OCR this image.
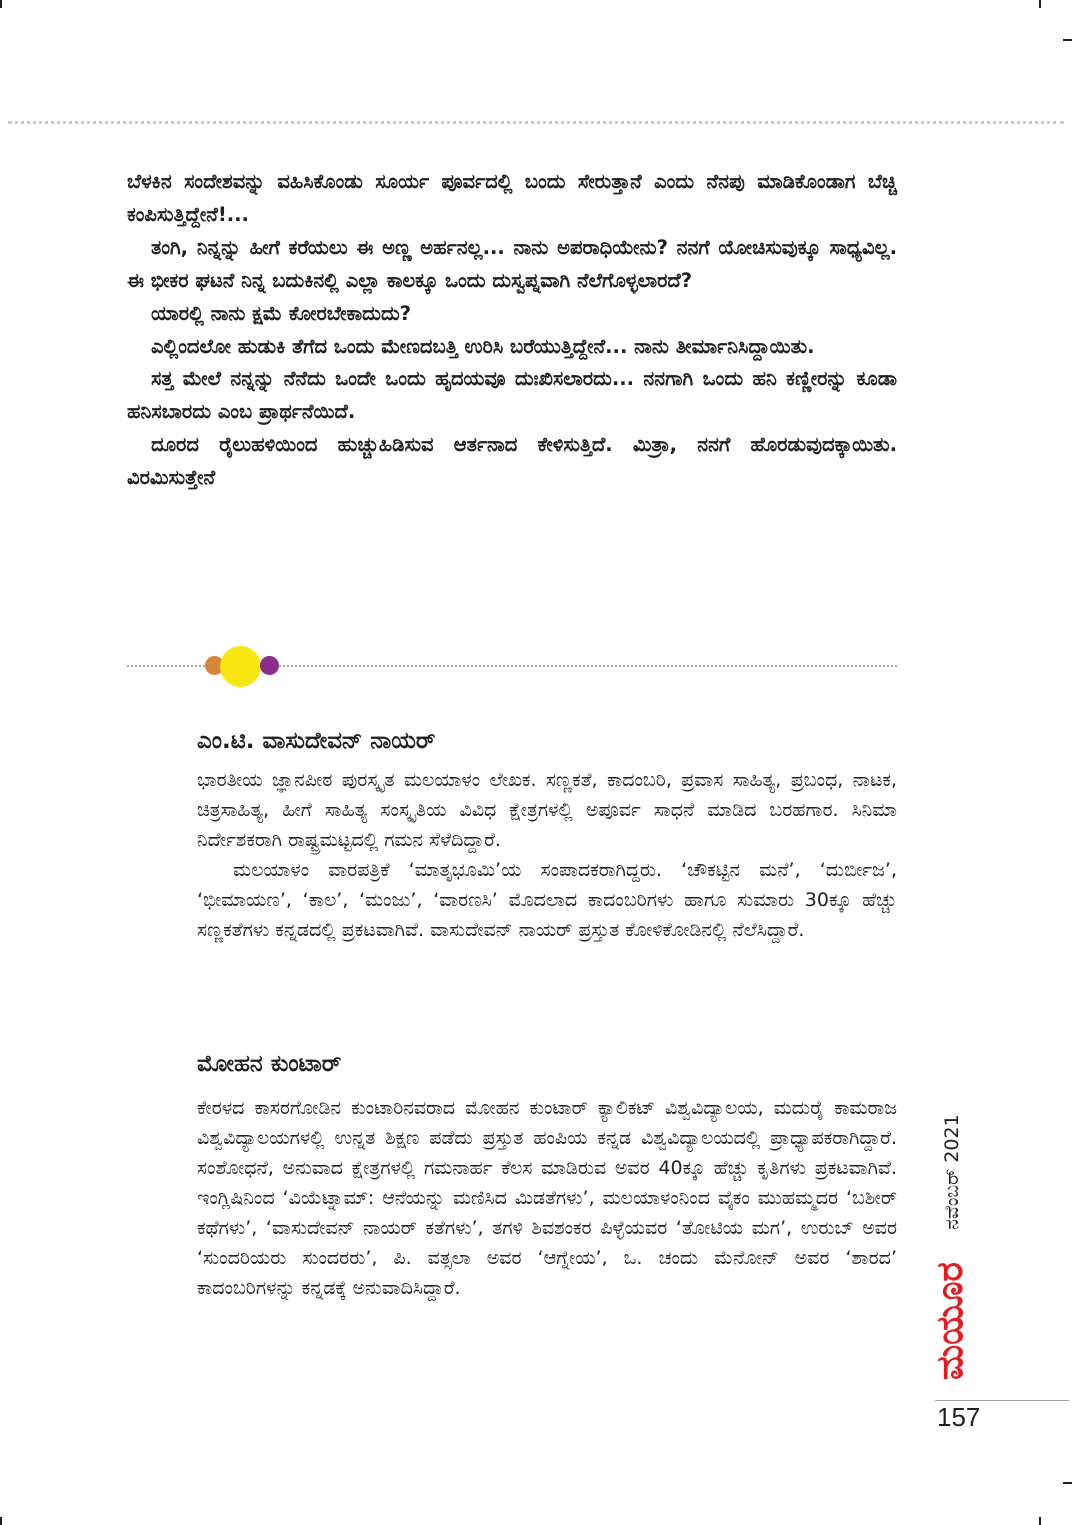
ಬೆಳಕಿನ ಸಂದೇಶವನ್ನು ವಹಿಸಿಕೊಂಡು ಸೂರ್ಯ ಪೂರ್ವದಲ್ಲಿ ಬಂದು ಸೇರುತ್ತಾನೆ ಎಂದು ನೆನಪು ಮಾಡಿಕೊಂಡಾಗ ಬೆಚ್ಚಿ ಕಂಪಿಸುತ್ತಿದ್ದೇನೆ!...

ತಂಗಿ, ನಿನ್ನನ್ನು ಹೀಗೆ ಕರೆಯಲು ಈ ಅಣ್ಣ ಅರ್ಹನಲ್ಲ... ನಾನು ಅಪರಾಧಿಯೇನು? ನನಗೆ ಯೋಚಿಸುವುಕ್ಕೂ ಸಾಧ್ಯವಿಲ್ಲ. ಈ ಭೀಕರ ಘಟನೆ ನಿನ್ನ ಬದುಕಿನಲ್ಲಿ ಎಲ್ಲಾ ಕಾಲಕ್ಕೂ ಒಂದು ದುಸ್ವಪ್ನವಾಗಿ ನೆಲೆಗೊಳ್ಳಲಾರದೆ?

ಯಾರಲ್ಲಿ ನಾನು ಕ್ಷಮೆ ಕೋರಬೇಕಾದುದು?

ಎಲ್ಲಿಂದಲೋ ಹುಡುಕಿ ತೆಗೆದ ಒಂದು ಮೇಣದಬತ್ತಿ ಉರಿಸಿ ಬರೆಯುತ್ತಿದ್ದೇನೆ... ನಾನು ತೀರ್ಮಾನಿಸಿದ್ದಾಯಿತು.

ಸತ್ತ ಮೇಲೆ ನನ್ನನ್ನು ನೆನೆದು ಒಂದೇ ಒಂದು ಹೃದಯವೂ ದುಃಖಿಸಲಾರದು... ನನಗಾಗಿ ಒಂದು ಹನಿ ಕಣ್ಣೀರನ್ನು ಕೂಡಾ ಹನಿಸಬಾರದು ಎಂಬ ಪ್ರಾರ್ಥನೆಯಿದೆ.

ದೂರದ ರೈಲುಹಳಿಯಿಂದ ಹುಚ್ಚುಹಿಡಿಸುವ ಆರ್ತನಾದ ಕೇಳಿಸುತ್ತಿದೆ. ಮಿತ್ರಾ, ನನಗೆ ಹೊರಡುವುದಕ್ಕಾಯಿತು. ವಿರಮಿಸುತ್ತೇನೆ

ಎಂ.ಟಿ. ವಾಸುದೇವನ್ ನಾಯರ್

ಭಾರತೀಯ ಜ್ಞಾನಪೀಠ ಪುರಸ್ಕೃತ ಮಲಯಾಳಂ ಲೇಖಕ. ಸಣ್ಣಕತೆ, ಕಾದಂಬರಿ, ಪ್ರವಾಸ ಸಾಹಿತ್ಯ, ಪ್ರಬಂಧ, ನಾಟಕ, ಚಿತ್ರಸಾಹಿತ್ಯ, ಹೀಗೆ ಸಾಹಿತ್ಯ ಸಂಸ್ಕೃತಿಯ ವಿವಿಧ ಕ್ಷೇತ್ರಗಳಲ್ಲಿ ಅಪೂರ್ವ ಸಾಧನೆ ಮಾಡಿದ ಬರಹಗಾರ. ಸಿನಿಮಾ ನಿರ್ದೇಶಕರಾಗಿ ರಾಷ್ಟ್ರಮಟ್ಟದಲ್ಲಿ ಗಮನ ಸೆಳೆದಿದ್ದಾರೆ.

ಮಲಯಾಳಂ ವಾರಪತ್ರಿಕೆ ‘ಮಾತೃಭೂಮಿ’ಯ ಸಂಪಾದಕರಾಗಿದ್ದರು. ‘ಚೌಕಟ್ಟಿನ ಮನೆ’, ‘ದುರ್ಬೀಜ’, ‘ಭೀಮಾಯಣ’, ‘ಕಾಲ’, ‘ಮಂಜು’, ‘ವಾರಣಸಿ’ ಮೊದಲಾದ ಕಾದಂಬರಿಗಳು ಹಾಗೂ ಸುಮಾರು 30ಕ್ಕೂ ಹೆಚ್ಚು ಸಣ್ಣಕತೆಗಳು ಕನ್ನಡದಲ್ಲಿ ಪ್ರಕಟವಾಗಿವೆ. ವಾಸುದೇವನ್ ನಾಯರ್ ಪ್ರಸ್ತುತ ಕೋಳಿಕೋಡಿನಲ್ಲಿ ನೆಲೆಸಿದ್ದಾರೆ.

ಮೋಹನ ಕುಂಟಾರ್

ಕೇರಳದ ಕಾಸರಗೋಡಿನ ಕುಂಟಾರಿನವರಾದ ಮೋಹನ ಕುಂಟಾರ್ ಕ್ಯಾಲಿಕಟ್ ವಿಶ್ವವಿದ್ಯಾಲಯ, ಮದುರೈ ಕಾಮರಾಜ ವಿಶ್ವವಿದ್ಯಾಲಯಗಳಲ್ಲಿ ಉನ್ನತ ಶಿಕ್ಷಣ ಪಡೆದು ಪ್ರಸ್ತುತ ಹಂಪಿಯ ಕನ್ನಡ ವಿಶ್ವವಿದ್ಯಾಲಯದಲ್ಲಿ ಪ್ರಾಧ್ಯಾಪಕರಾಗಿದ್ದಾರೆ. ಸಂಶೋಧನೆ, ಅನುವಾದ ಕ್ಷೇತ್ರಗಳಲ್ಲಿ ಗಮನಾರ್ಹ ಕೆಲಸ ಮಾಡಿರುವ ಅವರ 40ಕ್ಕೂ ಹೆಚ್ಚು ಕೃತಿಗಳು ಪ್ರಕಟವಾಗಿವೆ. ಇಂಗ್ಲಿಷಿನಿಂದ ‘ವಿಯೆಟ್ನಾಮ್: ಆನೆಯನ್ನು ಮಣಿಸಿದ ಮಿಡತೆಗಳು’, ಮಲಯಾಳಂನಿಂದ ವೈಕಂ ಮುಹಮ್ಮದರ ‘ಬಶೀರ್ ಕಥೆಗಳು’, ‘ವಾಸುದೇವನ್ ನಾಯರ್ ಕತೆಗಳು’, ತಗಳಿ ಶಿವಶಂಕರ ಪಿಳ್ಳೆಯವರ ‘ತೋಟಿಯ ಮಗ’, ಉರುಬ್ ಅವರ ‘ಸುಂದರಿಯರು ಸುಂದರರು’, ಪಿ. ವತ್ಸಲಾ ಅವರ ‘ಆಗ್ನೇಯ’, ಒ. ಚಂದು ಮೆನೋನ್ ಅವರ ‘ಶಾರದ’ ಕಾದಂಬರಿಗಳನ್ನು ಕನ್ನಡಕ್ಕೆ ಅನುವಾದಿಸಿದ್ದಾರೆ.

ನವೆಂಬರ್ 2021
ಮಯೂರ
157
